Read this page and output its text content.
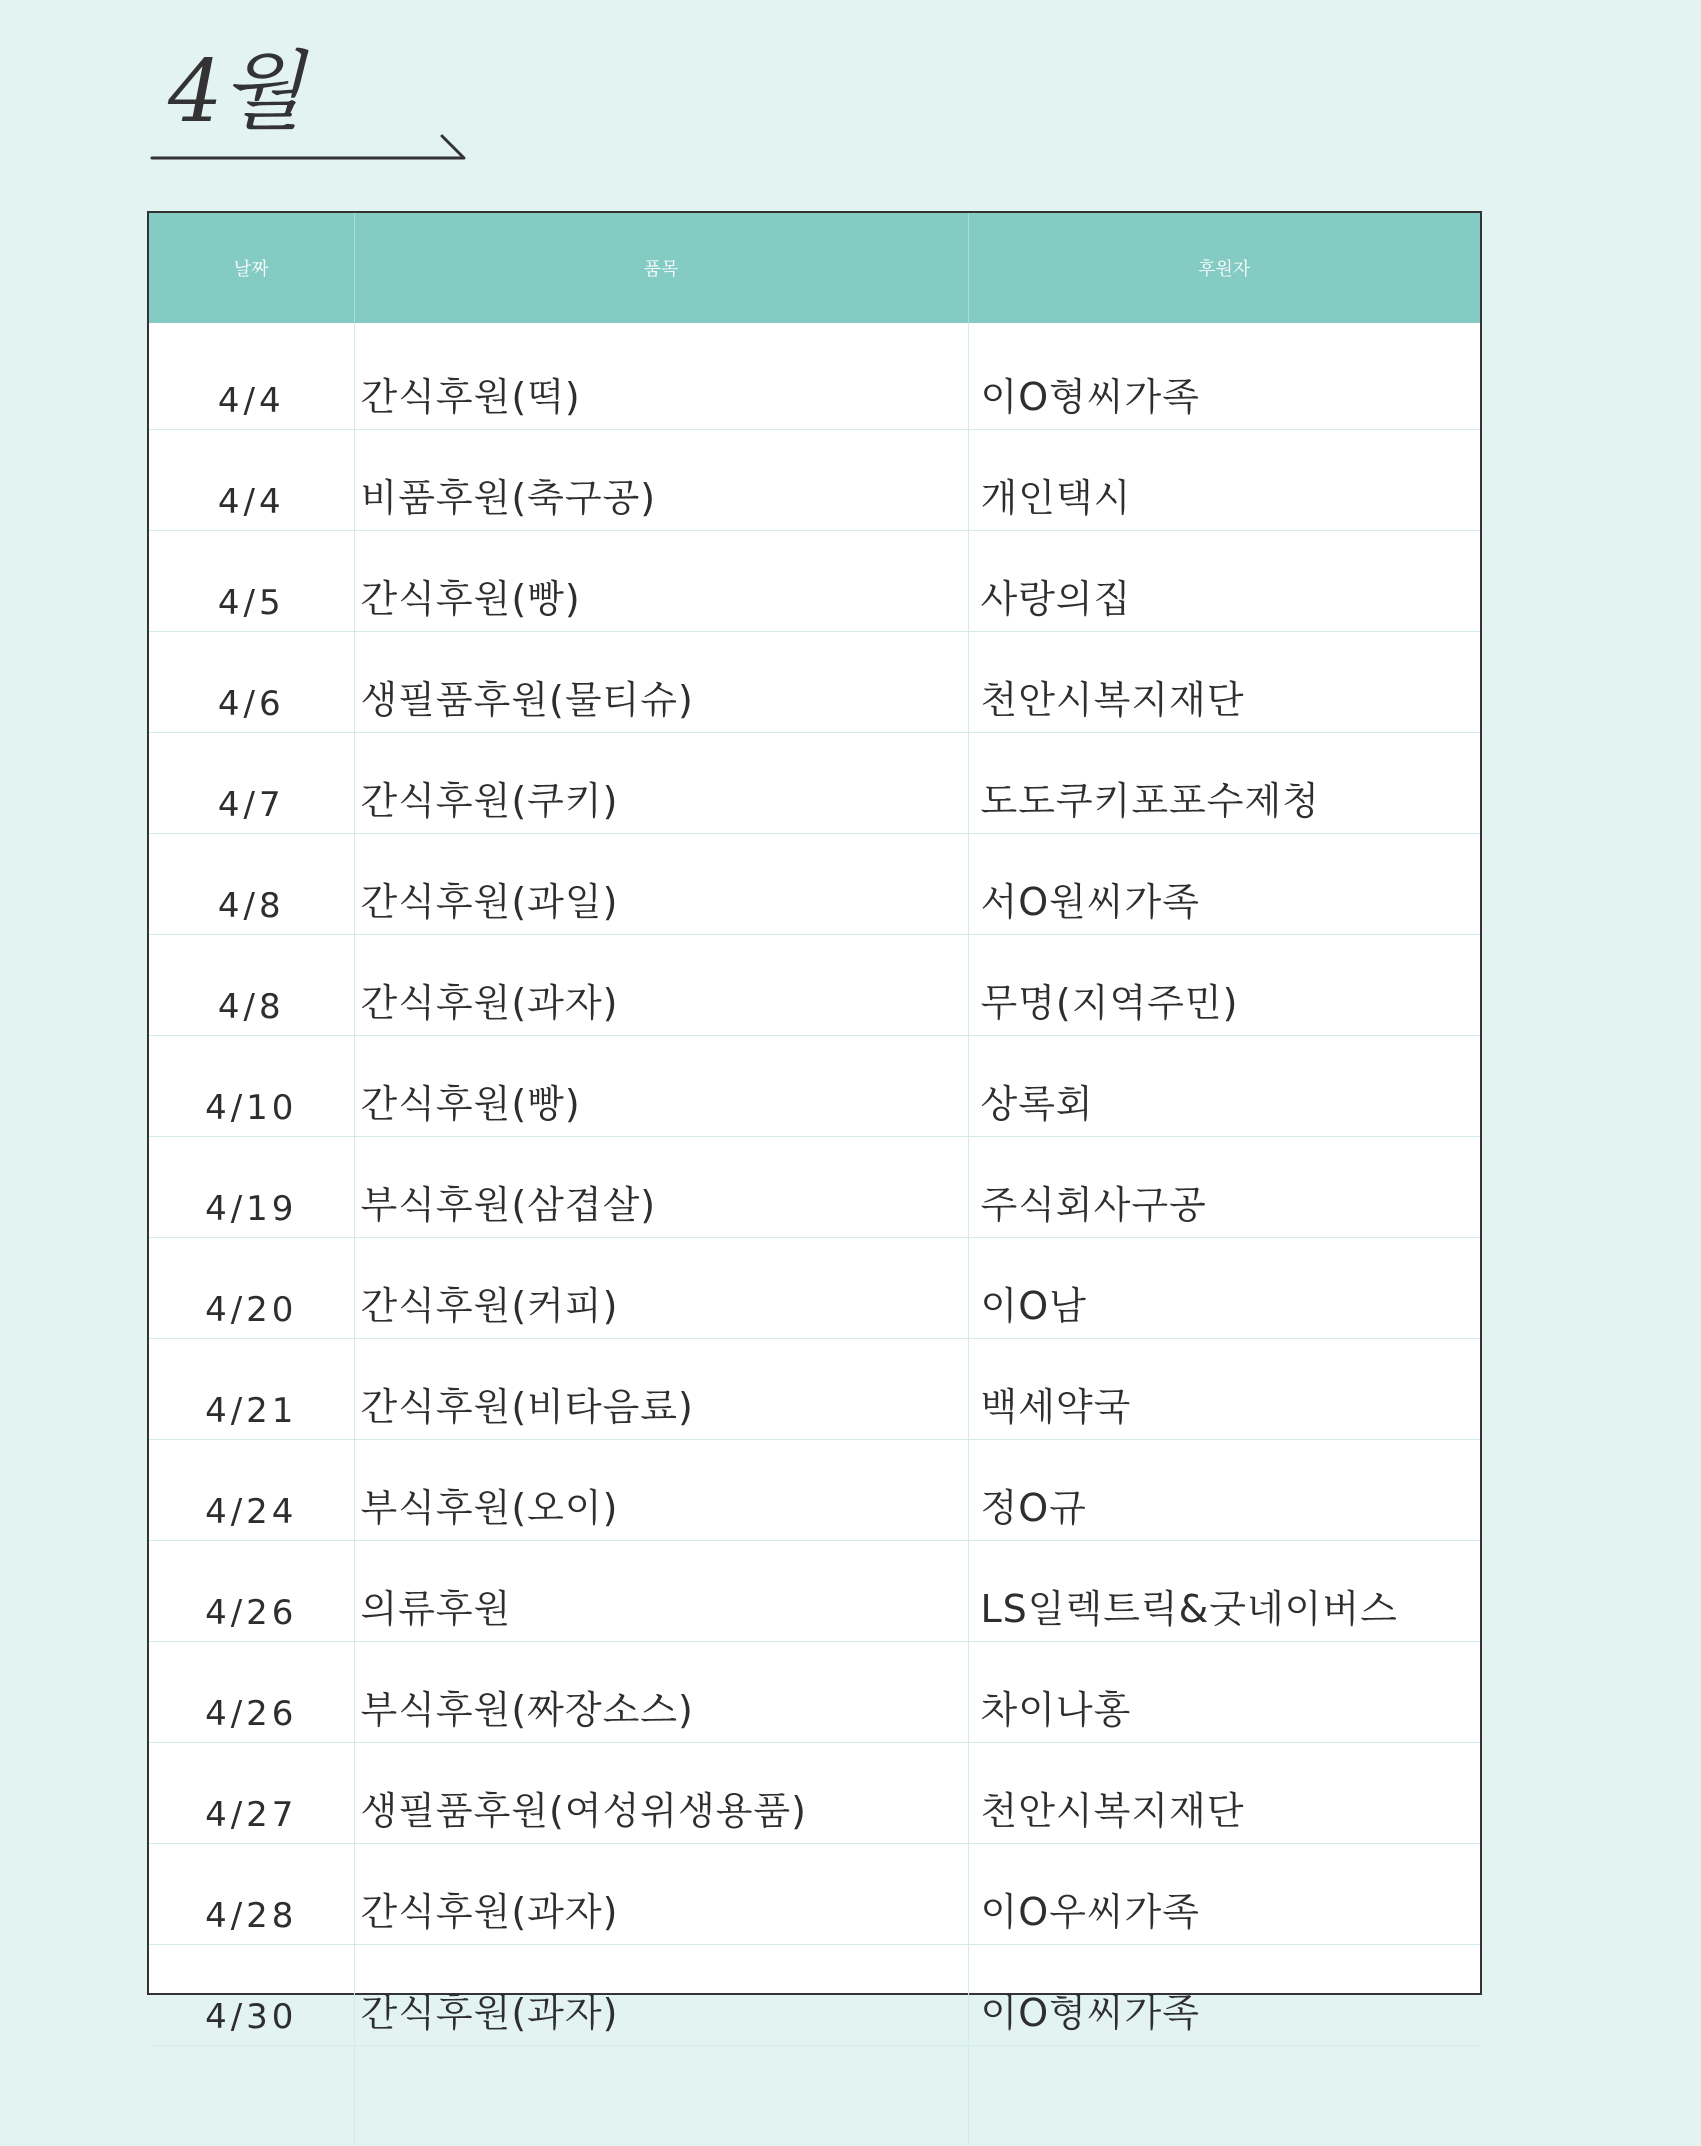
4월
날짜	품목	후원자
4/4	간식후원(떡)	이O형씨가족
4/4	비품후원(축구공)	개인택시
4/5	간식후원(빵)	사랑의집
4/6	생필품후원(물티슈)	천안시복지재단
4/7	간식후원(쿠키)	도도쿠키포포수제청
4/8	간식후원(과일)	서O원씨가족
4/8	간식후원(과자)	무명(지역주민)
4/10	간식후원(빵)	상록회
4/19	부식후원(삼겹살)	주식회사구공
4/20	간식후원(커피)	이O남
4/21	간식후원(비타음료)	백세약국
4/24	부식후원(오이)	정O규
4/26	의류후원	LS일렉트릭&굿네이버스
4/26	부식후원(짜장소스)	차이나홍
4/27	생필품후원(여성위생용품)	천안시복지재단
4/28	간식후원(과자)	이O우씨가족
4/30	간식후원(과자)	이O형씨가족
